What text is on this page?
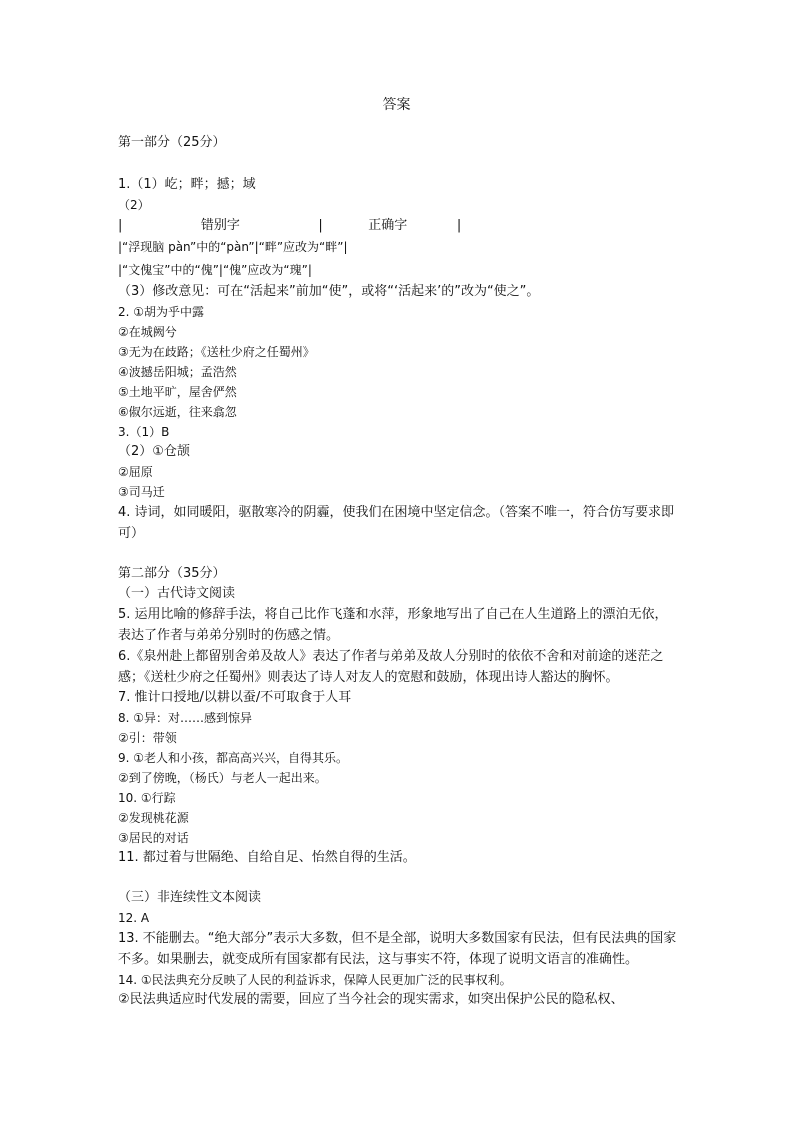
答案
第一部分（25分）
1.（1）屹；畔；撼；域
（2）
|                   错别字                   |           正确字            |
|“浮现脑 pàn”中的“pàn”|“畔”应改为“畔”|
|“文傀宝”中的“傀”|“傀”应改为“瑰”|
（3）修改意见：可在“活起来”前加“使”，或将“‘活起来’的”改为“使之”。
2. ①胡为乎中露
②在城阙兮
③无为在歧路；《送杜少府之任蜀州》
④波撼岳阳城；孟浩然
⑤土地平旷，屋舍俨然
⑥俶尔远逝，往来翕忽
3.（1）B
（2）①仓颉
②屈原
③司马迁
4. 诗词，如同暖阳，驱散寒冷的阴霾，使我们在困境中坚定信念。（答案不唯一，符合仿写要求即可）
第二部分（35分）
（一）古代诗文阅读
5. 运用比喻的修辞手法，将自己比作飞蓬和水萍，形象地写出了自己在人生道路上的漂泊无依，表达了作者与弟弟分别时的伤感之情。
6.《泉州赴上都留别舍弟及故人》表达了作者与弟弟及故人分别时的依依不舍和对前途的迷茫之感；《送杜少府之任蜀州》则表达了诗人对友人的宽慰和鼓励，体现出诗人豁达的胸怀。
7. 惟计口授地/以耕以蚕/不可取食于人耳
8. ①异：对……感到惊异
②引：带领
9. ①老人和小孩，都高高兴兴，自得其乐。
②到了傍晚，（杨氏）与老人一起出来。
10. ①行踪
②发现桃花源
③居民的对话
11. 都过着与世隔绝、自给自足、怡然自得的生活。
（三）非连续性文本阅读
12. A
13. 不能删去。“绝大部分”表示大多数，但不是全部，说明大多数国家有民法，但有民法典的国家不多。如果删去，就变成所有国家都有民法，这与事实不符，体现了说明文语言的准确性。
14. ①民法典充分反映了人民的利益诉求，保障人民更加广泛的民事权利。
②民法典适应时代发展的需要，回应了当今社会的现实需求，如突出保护公民的隐私权、
